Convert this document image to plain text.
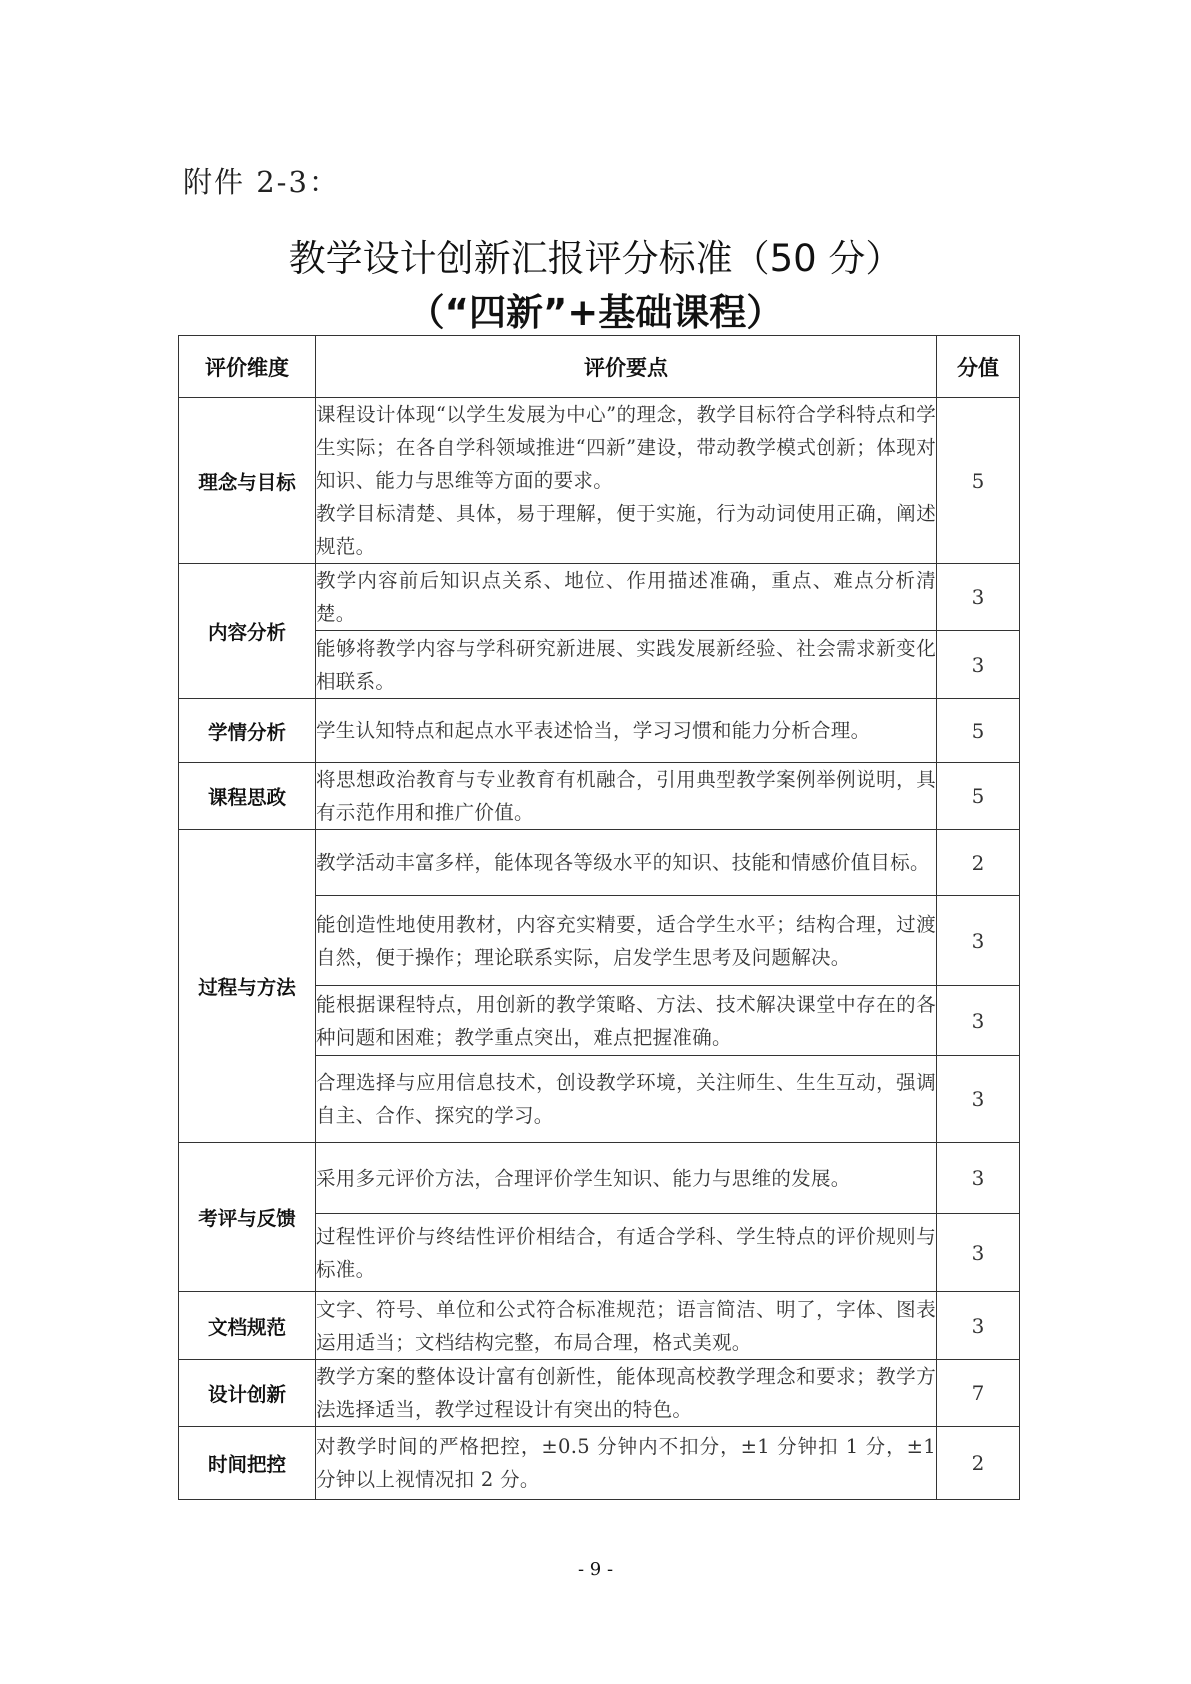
附件 2-3：
教学设计创新汇报评分标准（50 分）
（“四新”+基础课程）
评价维度	评价要点	分值
理念与目标	课程设计体现“以学生发展为中心”的理念，教学目标符合学科特点和学生实际；在各自学科领域推进“四新”建设，带动教学模式创新；体现对知识、能力与思维等方面的要求。
教学目标清楚、具体，易于理解，便于实施，行为动词使用正确，阐述规范。	5
内容分析	教学内容前后知识点关系、地位、作用描述准确，重点、难点分析清楚。	3

	能够将教学内容与学科研究新进展、实践发展新经验、社会需求新变化相联系。	3
学情分析	学生认知特点和起点水平表述恰当，学习习惯和能力分析合理。	5
课程思政	将思想政治教育与专业教育有机融合，引用典型教学案例举例说明，具有示范作用和推广价值。	5
过程与方法	教学活动丰富多样，能体现各等级水平的知识、技能和情感价值目标。	2

	能创造性地使用教材，内容充实精要，适合学生水平；结构合理，过渡自然，便于操作；理论联系实际，启发学生思考及问题解决。	3

	能根据课程特点，用创新的教学策略、方法、技术解决课堂中存在的各种问题和困难；教学重点突出，难点把握准确。	3

	合理选择与应用信息技术，创设教学环境，关注师生、生生互动，强调自主、合作、探究的学习。	3
考评与反馈	采用多元评价方法，合理评价学生知识、能力与思维的发展。	3

	过程性评价与终结性评价相结合，有适合学科、学生特点的评价规则与标准。	3
文档规范	文字、符号、单位和公式符合标准规范；语言简洁、明了，字体、图表运用适当；文档结构完整，布局合理，格式美观。	3
设计创新	教学方案的整体设计富有创新性，能体现高校教学理念和要求；教学方法选择适当，教学过程设计有突出的特色。	7
时间把控	对教学时间的严格把控，±0.5 分钟内不扣分，±1 分钟扣 1 分，±1 分钟以上视情况扣 2 分。	2
- 9 -
